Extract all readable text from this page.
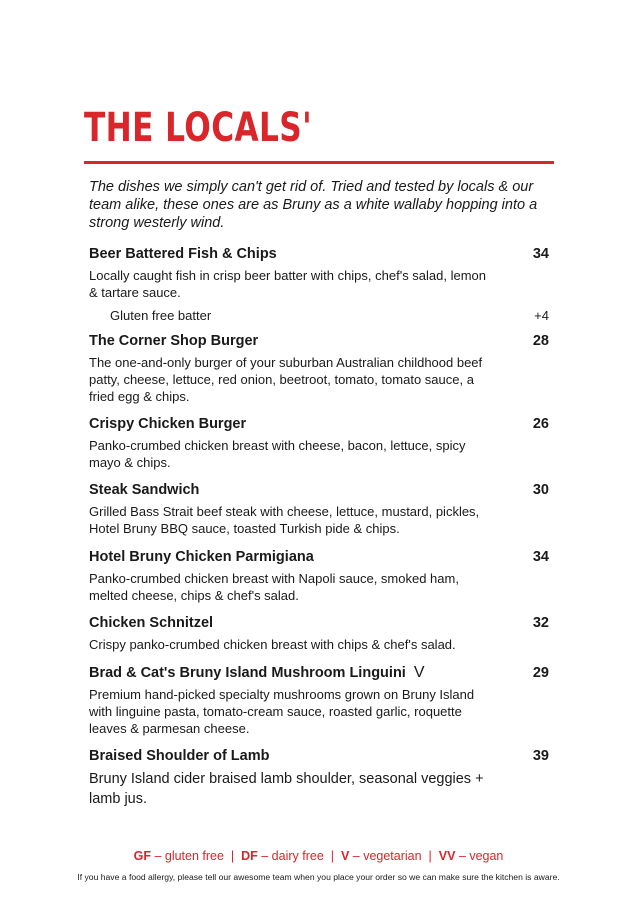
THE LOCALS'
The dishes we simply can't get rid of. Tried and tested by locals & our team alike, these ones are as Bruny as a white wallaby hopping into a strong westerly wind.
Beer Battered Fish & Chips	34
Locally caught fish in crisp beer batter with chips, chef's salad, lemon & tartare sauce.
Gluten free batter	+4
The Corner Shop Burger	28
The one-and-only burger of your suburban Australian childhood beef patty, cheese, lettuce, red onion, beetroot, tomato, tomato sauce, a fried egg & chips.
Crispy Chicken Burger	26
Panko-crumbed chicken breast with cheese, bacon, lettuce, spicy mayo & chips.
Steak Sandwich	30
Grilled Bass Strait beef steak with cheese, lettuce, mustard, pickles, Hotel Bruny BBQ sauce, toasted Turkish pide & chips.
Hotel Bruny Chicken Parmigiana	34
Panko-crumbed chicken breast with Napoli sauce, smoked ham, melted cheese, chips & chef's salad.
Chicken Schnitzel	32
Crispy panko-crumbed chicken breast with chips & chef's salad.
Brad & Cat's Bruny Island Mushroom Linguini V	29
Premium hand-picked specialty mushrooms grown on Bruny Island with linguine pasta, tomato-cream sauce, roasted garlic, roquette leaves & parmesan cheese.
Braised Shoulder of Lamb	39
Bruny Island cider braised lamb shoulder, seasonal veggies + lamb jus.
GF – gluten free | DF – dairy free | V – vegetarian | VV – vegan
If you have a food allergy, please tell our awesome team when you place your order so we can make sure the kitchen is aware.
